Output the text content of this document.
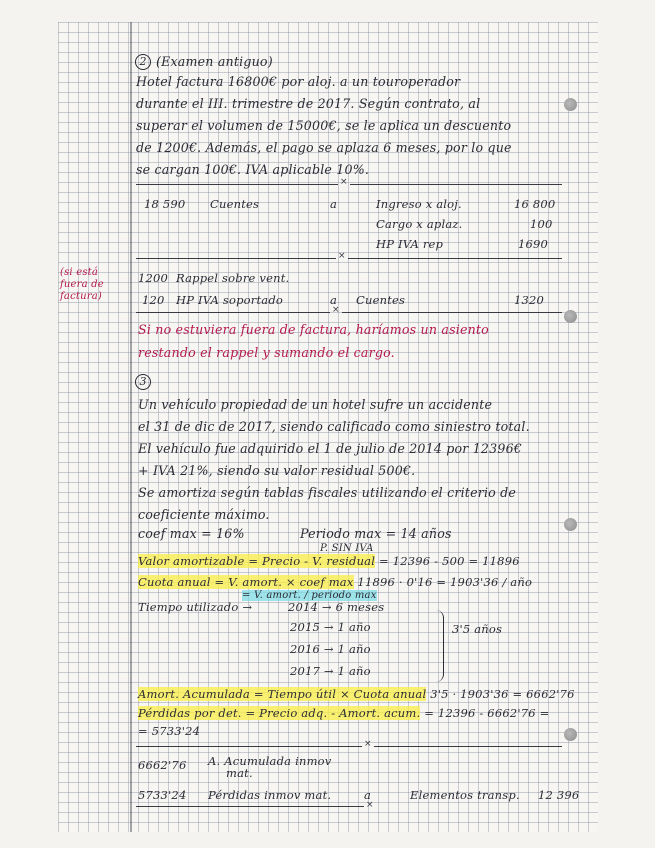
2 (Examen antiguo)
Hotel factura 16800€ por aloj. a un touroperador
durante el III. trimestre de 2017. Según contrato, al
superar el volumen de 15000€, se le aplica un descuento
de 1200€. Además, el pago se aplaza 6 meses, por lo que
se cargan 100€. IVA aplicable 10%.
×
18 590 Cuentes	a	Ingreso x aloj.	16 800
Cargo x aplaz.	100
HP IVA rep	1690
×
(si está
fuera de
factura)
1200 Rappel sobre vent.
120 HP IVA soportado	a Cuentes	1320
×
Si no estuviera fuera de factura, haríamos un asiento
restando el rappel y sumando el cargo.
3
Un vehículo propiedad de un hotel sufre un accidente
el 31 de dic de 2017, siendo calificado como siniestro total.
El vehículo fue adquirido el 1 de julio de 2014 por 12396€
+ IVA 21%, siendo su valor residual 500€.
Se amortiza según tablas fiscales utilizando el criterio de
coeficiente máximo.
coef max = 16%	Periodo max = 14 años
P. SIN IVA
Valor amortizable = Precio - V. residual = 12396 - 500 = 11896
Cuota anual = V. amort. × coef max 11896 · 0'16 = 1903'36 / año
= V. amort. / periodo max
Tiempo utilizado →	2014 → 6 meses
2015 → 1 año
2016 → 1 año
2017 → 1 año
3'5 años
Amort. Acumulada = Tiempo útil × Cuota anual 3'5 · 1903'36 = 6662'76
Pérdidas por det. = Precio adq. - Amort. acum. = 12396 - 6662'76 =
= 5733'24
×
6662'76 A. Acumulada inmov
mat.
5733'24 Pérdidas inmov mat.	a	Elementos transp. 12 396
×
